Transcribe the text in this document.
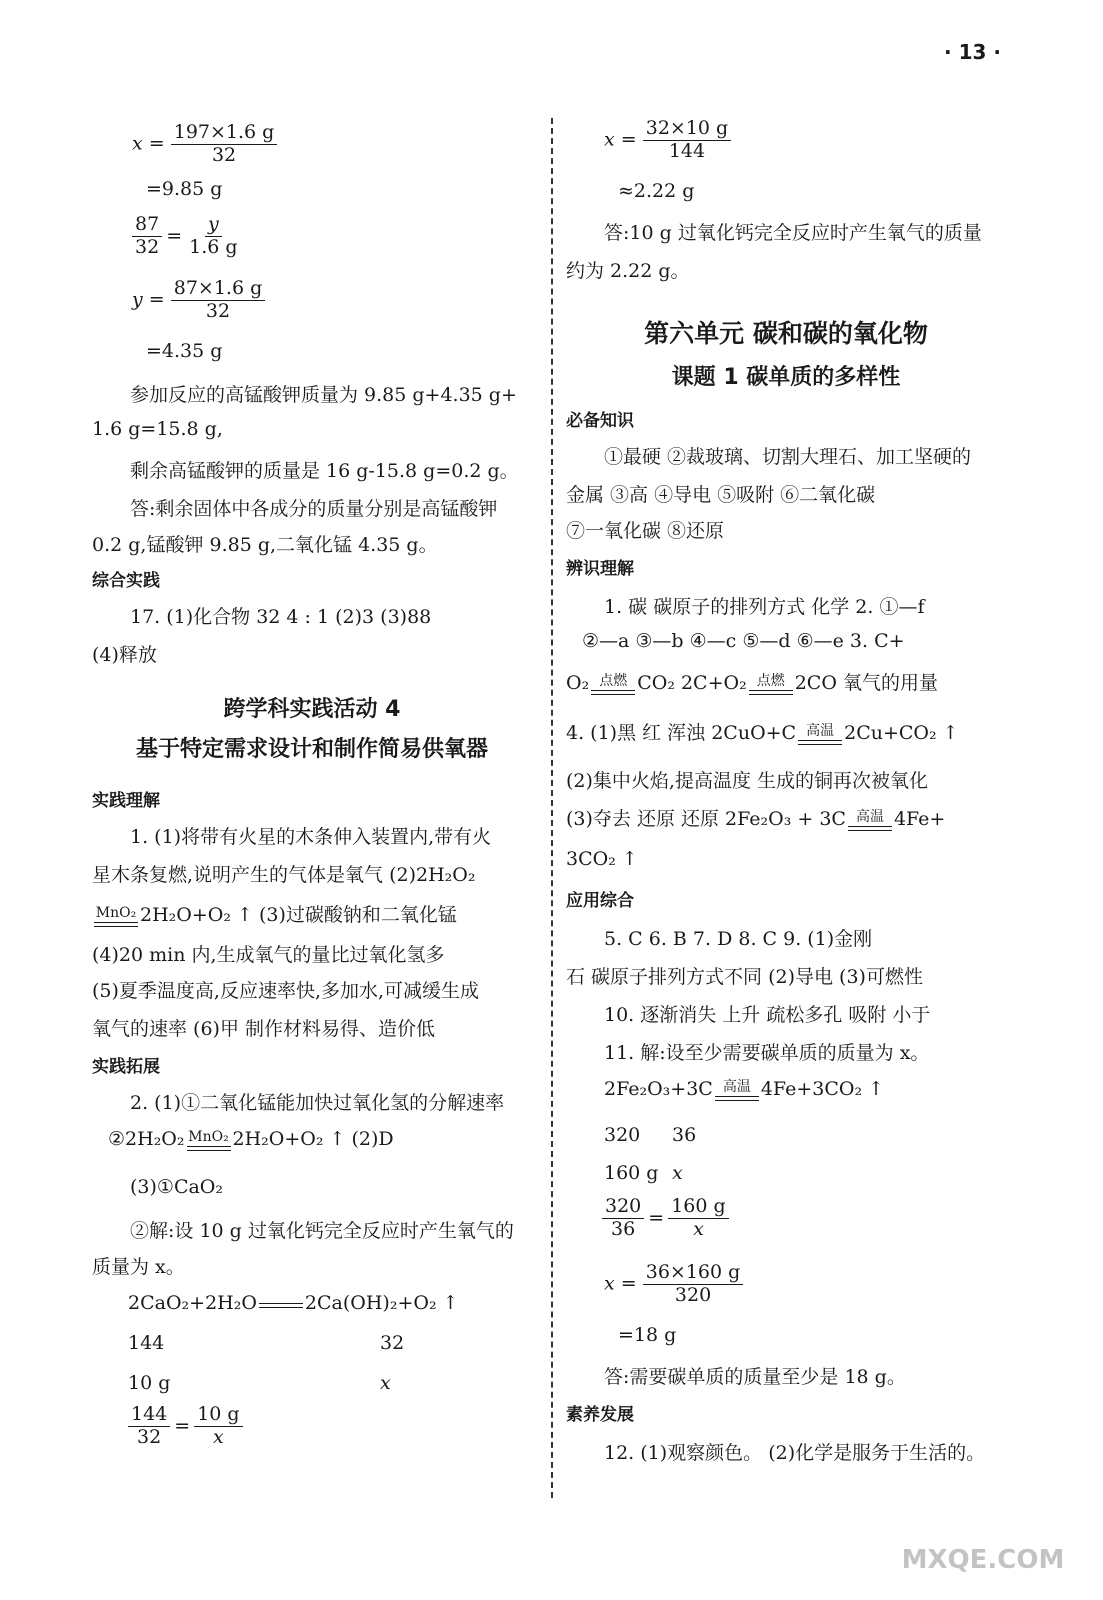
· 13 ·
$x = \frac{197\times 1.6 g}{32}$
=9.85 g
$\frac{87}{32} = \frac{y}{1.6 g}$
$y = \frac{87\times 1.6 g}{32}$
=4.35 g
参加反应的高锰酸钾质量为 9.85 g+4.35 g+
1.6 g=15.8 g,
剩余高锰酸钾的质量是 16 g-15.8 g=0.2 g。
答:剩余固体中各成分的质量分别是高锰酸钾
0.2 g,锰酸钾 9.85 g,二氧化锰 4.35 g。
综合实践
17. (1)化合物 32 4 : 1 (2)3 (3)88
(4)释放
跨学科实践活动 4
基于特定需求设计和制作简易供氧器
实践理解
1. (1)将带有火星的木条伸入装置内,带有火
星木条复燃,说明产生的气体是氧气 (2)2H₂O₂
MnO₂ 2H₂O+O₂ ↑ (3)过碳酸钠和二氧化锰
(4)20 min 内,生成氧气的量比过氧化氢多
(5)夏季温度高,反应速率快,多加水,可减缓生成
氧气的速率 (6)甲 制作材料易得、造价低
实践拓展
2. (1)①二氧化锰能加快过氧化氢的分解速率
②2H₂O₂ MnO₂ 2H₂O+O₂ ↑ (2)D
(3)①CaO₂
②解:设 10 g 过氧化钙完全反应时产生氧气的
质量为 x。
2CaO₂+2H₂O	2Ca(OH)₂+O₂ ↑
144	32
10 g	x
$\frac{144}{32} = \frac{10 g}{x}$
$x = \frac{32\times 10 g}{144}$
≈2.22 g
答:10 g 过氧化钙完全反应时产生氧气的质量
约为 2.22 g。
第六单元 碳和碳的氧化物
课题 1 碳单质的多样性
必备知识
①最硬 ②裁玻璃、切割大理石、加工坚硬的
金属 ③高 ④导电 ⑤吸附 ⑥二氧化碳
⑦一氧化碳 ⑧还原
辨识理解
1. 碳 碳原子的排列方式 化学 2. ①—f
②—a ③—b ④—c ⑤—d ⑥—e 3. C+
O₂ 点燃 CO₂ 2C+O₂ 点燃 2CO 氧气的用量
4. (1)黑 红 浑浊 2CuO+C 高温 2Cu+CO₂ ↑
(2)集中火焰,提高温度 生成的铜再次被氧化
(3)夺去 还原 还原 2Fe₂O₃ + 3C 高温 4Fe+
3CO₂ ↑
应用综合
5. C 6. B 7. D 8. C 9. (1)金刚
石 碳原子排列方式不同 (2)导电 (3)可燃性
10. 逐渐消失 上升 疏松多孔 吸附 小于
11. 解:设至少需要碳单质的质量为 x。
2Fe₂O₃+3C 高温 4Fe+3CO₂ ↑
320 36
160 g x
$\frac{320}{36} = \frac{160 g}{x}$
$x = \frac{36\times 160 g}{320}$
=18 g
答:需要碳单质的质量至少是 18 g。
素养发展
12. (1)观察颜色。 (2)化学是服务于生活的。
MXQE.COM
